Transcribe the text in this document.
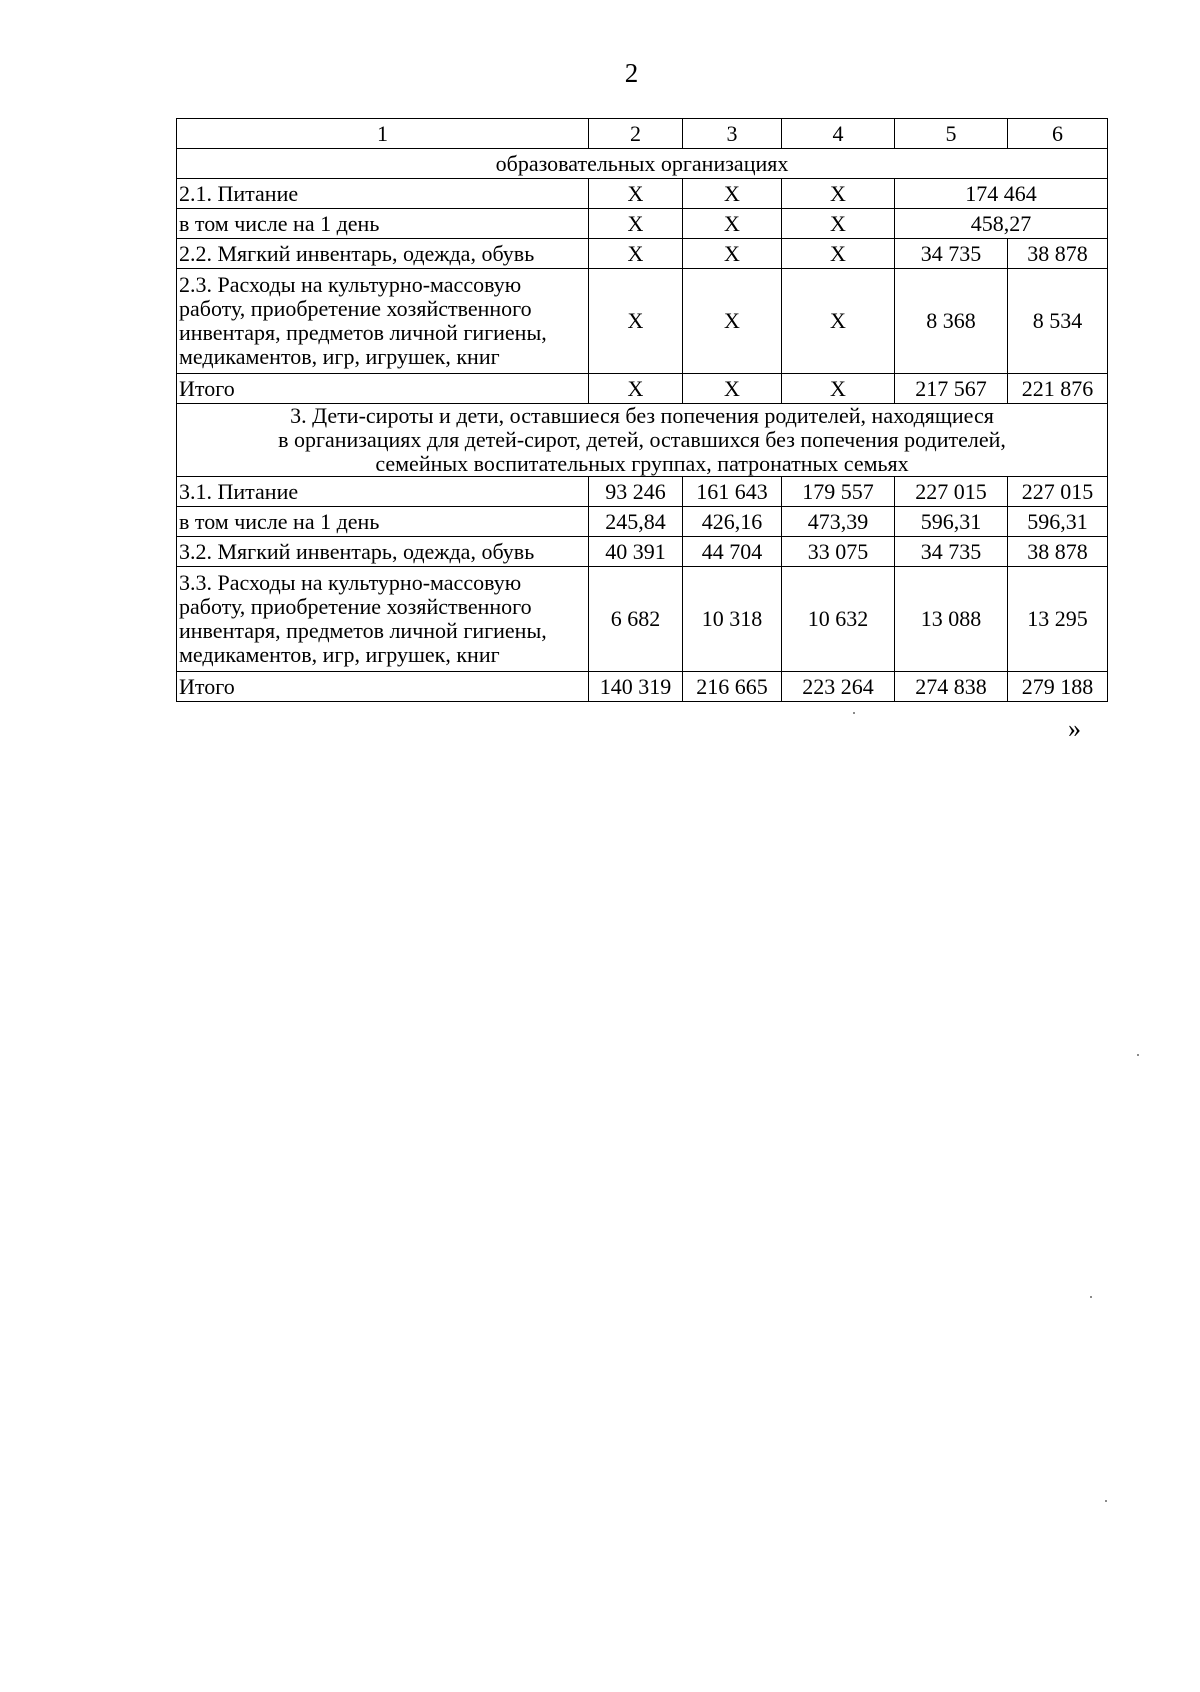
2
1	2	3	4	5	6
образовательных организациях					
2.1. Питание	Х	Х	Х	174 464	
в том числе на 1 день	Х	Х	Х	458,27	
2.2. Мягкий инвентарь, одежда, обувь	Х	Х	Х	34 735	38 878

2.3. Расходы на культурно-массовую
работу, приобретение хозяйственного
инвентаря, предметов личной гигиены,
медикаментов, игр, игрушек, книг	Х	Х	Х	8 368	8 534
Итого	Х	Х	Х	217 567	221 876

3. Дети-сироты и дети, оставшиеся без попечения родителей, находящиеся
в организациях для детей-сирот, детей, оставшихся без попечения родителей,
семейных воспитательных группах, патронатных семьях					

3.1. Питание	93 246	161 643	179 557	227 015	227 015
в том числе на 1 день	245,84	426,16	473,39	596,31	596,31
3.2. Мягкий инвентарь, одежда, обувь	40 391	44 704	33 075	34 735	38 878

3.3. Расходы на культурно-массовую
работу, приобретение хозяйственного
инвентаря, предметов личной гигиены,
медикаментов, игр, игрушек, книг	6 682	10 318	10 632	13 088	13 295
Итого	140 319	216 665	223 264	274 838	279 188
»
